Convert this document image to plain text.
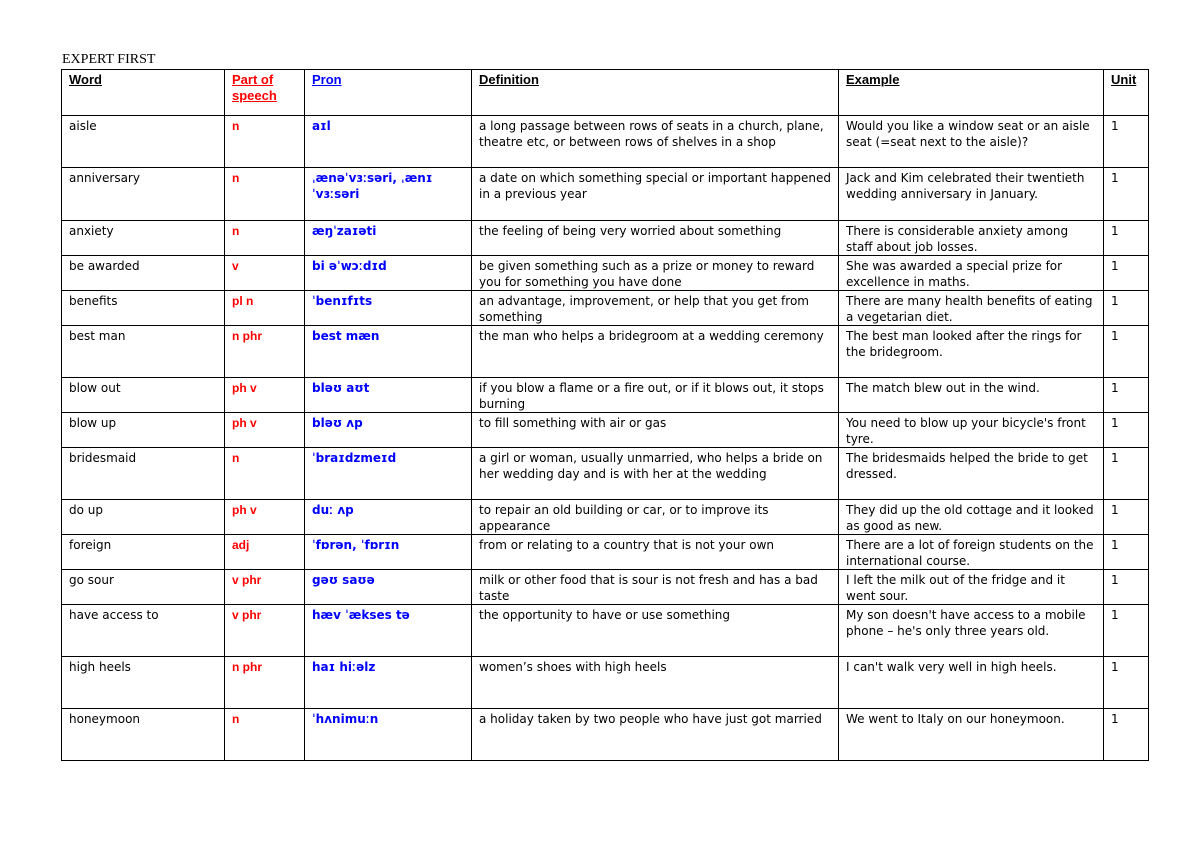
EXPERT FIRST
Word	Part of speech	Pron	Definition	Example	Unit
aisle	n	aɪl	a long passage between rows of seats in a church, plane, theatre etc, or between rows of shelves in a shop	Would you like a window seat or an aisle seat (=seat next to the aisle)?	1
anniversary	n	ˌænəˈvɜːsəri, ˌænɪˈvɜːsəri	a date on which something special or important happened in a previous year	Jack and Kim celebrated their twentieth wedding anniversary in January.	1
anxiety	n	æŋˈzaɪəti	the feeling of being very worried about something	There is considerable anxiety among staff about job losses.	1
be awarded	v	bi əˈwɔːdɪd	be given something such as a prize or money to reward you for something you have done	She was awarded a special prize for excellence in maths.	1
benefits	pl n	ˈbenɪfɪts	an advantage, improvement, or help that you get from something	There are many health benefits of eating a vegetarian diet.	1
best man	n phr	best mæn	the man who helps a bridegroom at a wedding ceremony	The best man looked after the rings for the bridegroom.	1
blow out	ph v	bləʊ aʊt	if you blow a flame or a fire out, or if it blows out, it stops burning	The match blew out in the wind.	1
blow up	ph v	bləʊ ʌp	to fill something with air or gas	You need to blow up your bicycle's front tyre.	1
bridesmaid	n	ˈbraɪdzmeɪd	a girl or woman, usually unmarried, who helps a bride on her wedding day and is with her at the wedding	The bridesmaids helped the bride to get dressed.	1
do up	ph v	duː ʌp	to repair an old building or car, or to improve its appearance	They did up the old cottage and it looked as good as new.	1
foreign	adj	ˈfɒrən, ˈfɒrɪn	from or relating to a country that is not your own	There are a lot of foreign students on the international course.	1
go sour	v phr	gəʊ saʊə	milk or other food that is sour is not fresh and has a bad taste	I left the milk out of the fridge and it went sour.	1
have access to	v phr	hæv ˈækses tə	the opportunity to have or use something	My son doesn't have access to a mobile phone – he's only three years old.	1
high heels	n phr	haɪ hiːəlz	women’s shoes with high heels	I can't walk very well in high heels.	1
honeymoon	n	ˈhʌnimuːn	a holiday taken by two people who have just got married	We went to Italy on our honeymoon.	1
